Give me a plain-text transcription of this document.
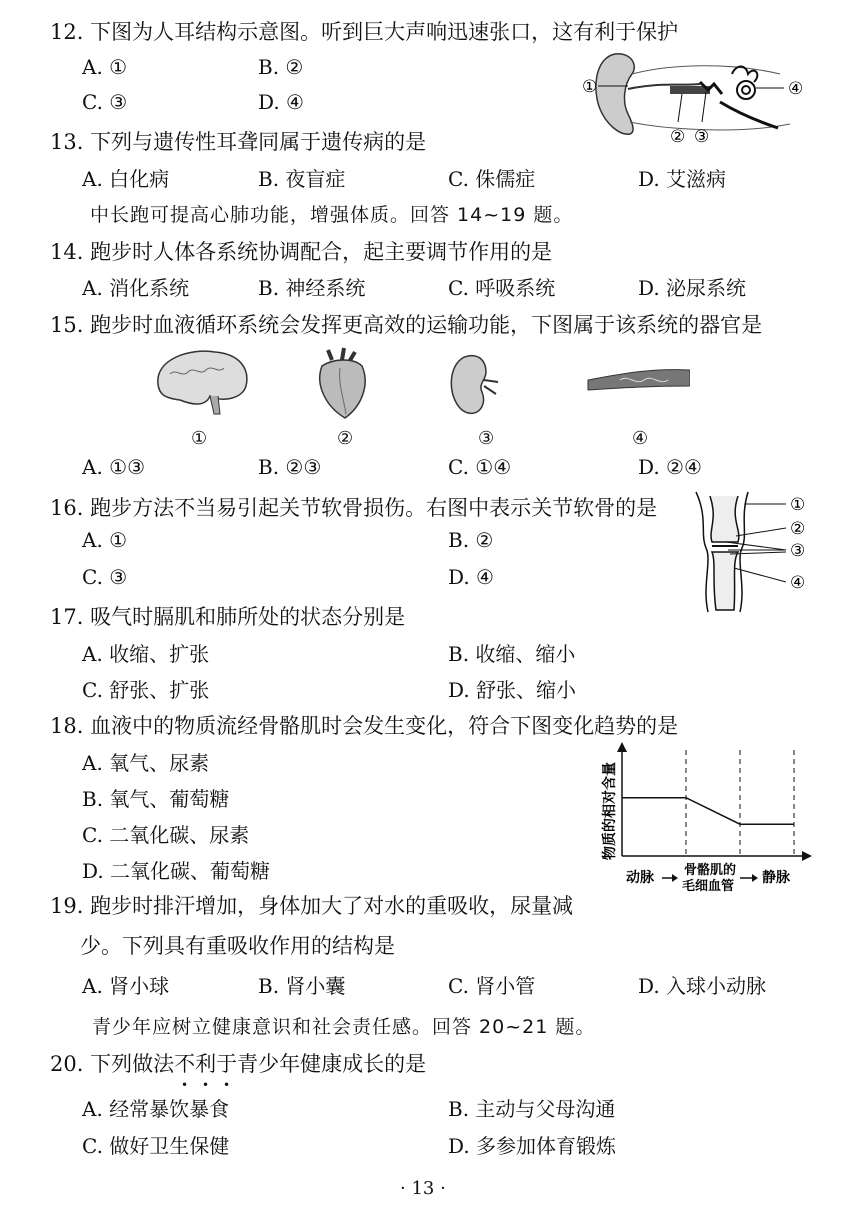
12. 下图为人耳结构示意图。听到巨大声响迅速张口，这有利于保护
A. ①	B. ②
C. ③	D. ④
①
② ③
④
13. 下列与遗传性耳聋同属于遗传病的是
A. 白化病	B. 夜盲症	C. 侏儒症	D. 艾滋病
中长跑可提高心肺功能，增强体质。回答 14~19 题。
14. 跑步时人体各系统协调配合，起主要调节作用的是
A. 消化系统	B. 神经系统	C. 呼吸系统	D. 泌尿系统
15. 跑步时血液循环系统会发挥更高效的运输功能，下图属于该系统的器官是
①	②	③	④
A. ①③	B. ②③	C. ①④	D. ②④
16. 跑步方法不当易引起关节软骨损伤。右图中表示关节软骨的是
A. ①	B. ②
C. ③	D. ④
①
②
③
④
17. 吸气时膈肌和肺所处的状态分别是
A. 收缩、扩张	B. 收缩、缩小
C. 舒张、扩张	D. 舒张、缩小
18. 血液中的物质流经骨骼肌时会发生变化，符合下图变化趋势的是
A. 氧气、尿素
B. 氧气、葡萄糖
C. 二氧化碳、尿素
D. 二氧化碳、葡萄糖
物质的相对含量
动脉 骨骼肌的
毛细血管
静脉
19. 跑步时排汗增加，身体加大了对水的重吸收，尿量减
少。下列具有重吸收作用的结构是
A. 肾小球	B. 肾小囊	C. 肾小管	D. 入球小动脉
青少年应树立健康意识和社会责任感。回答 20~21 题。
20. 下列做法不利于青少年健康成长的是
A. 经常暴饮暴食	B. 主动与父母沟通
C. 做好卫生保健	D. 多参加体育锻炼
· 13 ·
